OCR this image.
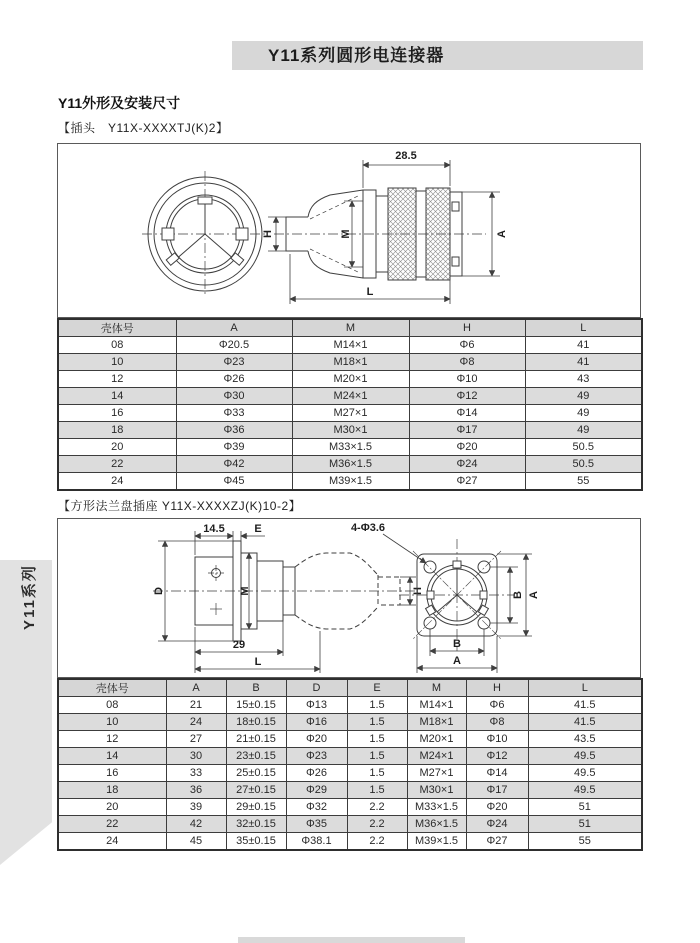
Y11系列圆形电连接器
Y11外形及安装尺寸
【插头　Y11X-XXXXTJ(K)2】
28.5
H	M	A
L
壳体号	A	M	H	L
08	Φ20.5	M14×1	Φ6	41
10	Φ23	M18×1	Φ8	41
12	Φ26	M20×1	Φ10	43
14	Φ30	M24×1	Φ12	49
16	Φ33	M27×1	Φ14	49
18	Φ36	M30×1	Φ17	49
20	Φ39	M33×1.5	Φ20	50.5
22	Φ42	M36×1.5	Φ24	50.5
24	Φ45	M39×1.5	Φ27	55
【方形法兰盘插座 Y11X-XXXXZJ(K)10-2】
14.5	E
D	M	H
29
L
4-Φ3.6
B A
B
A
壳体号	A	B	D	E	M	H	L
08	21	15±0.15	Φ13	1.5	M14×1	Φ6	41.5
10	24	18±0.15	Φ16	1.5	M18×1	Φ8	41.5
12	27	21±0.15	Φ20	1.5	M20×1	Φ10	43.5
14	30	23±0.15	Φ23	1.5	M24×1	Φ12	49.5
16	33	25±0.15	Φ26	1.5	M27×1	Φ14	49.5
18	36	27±0.15	Φ29	1.5	M30×1	Φ17	49.5
20	39	29±0.15	Φ32	2.2	M33×1.5	Φ20	51
22	42	32±0.15	Φ35	2.2	M36×1.5	Φ24	51
24	45	35±0.15	Φ38.1	2.2	M39×1.5	Φ27	55
Y11系列
